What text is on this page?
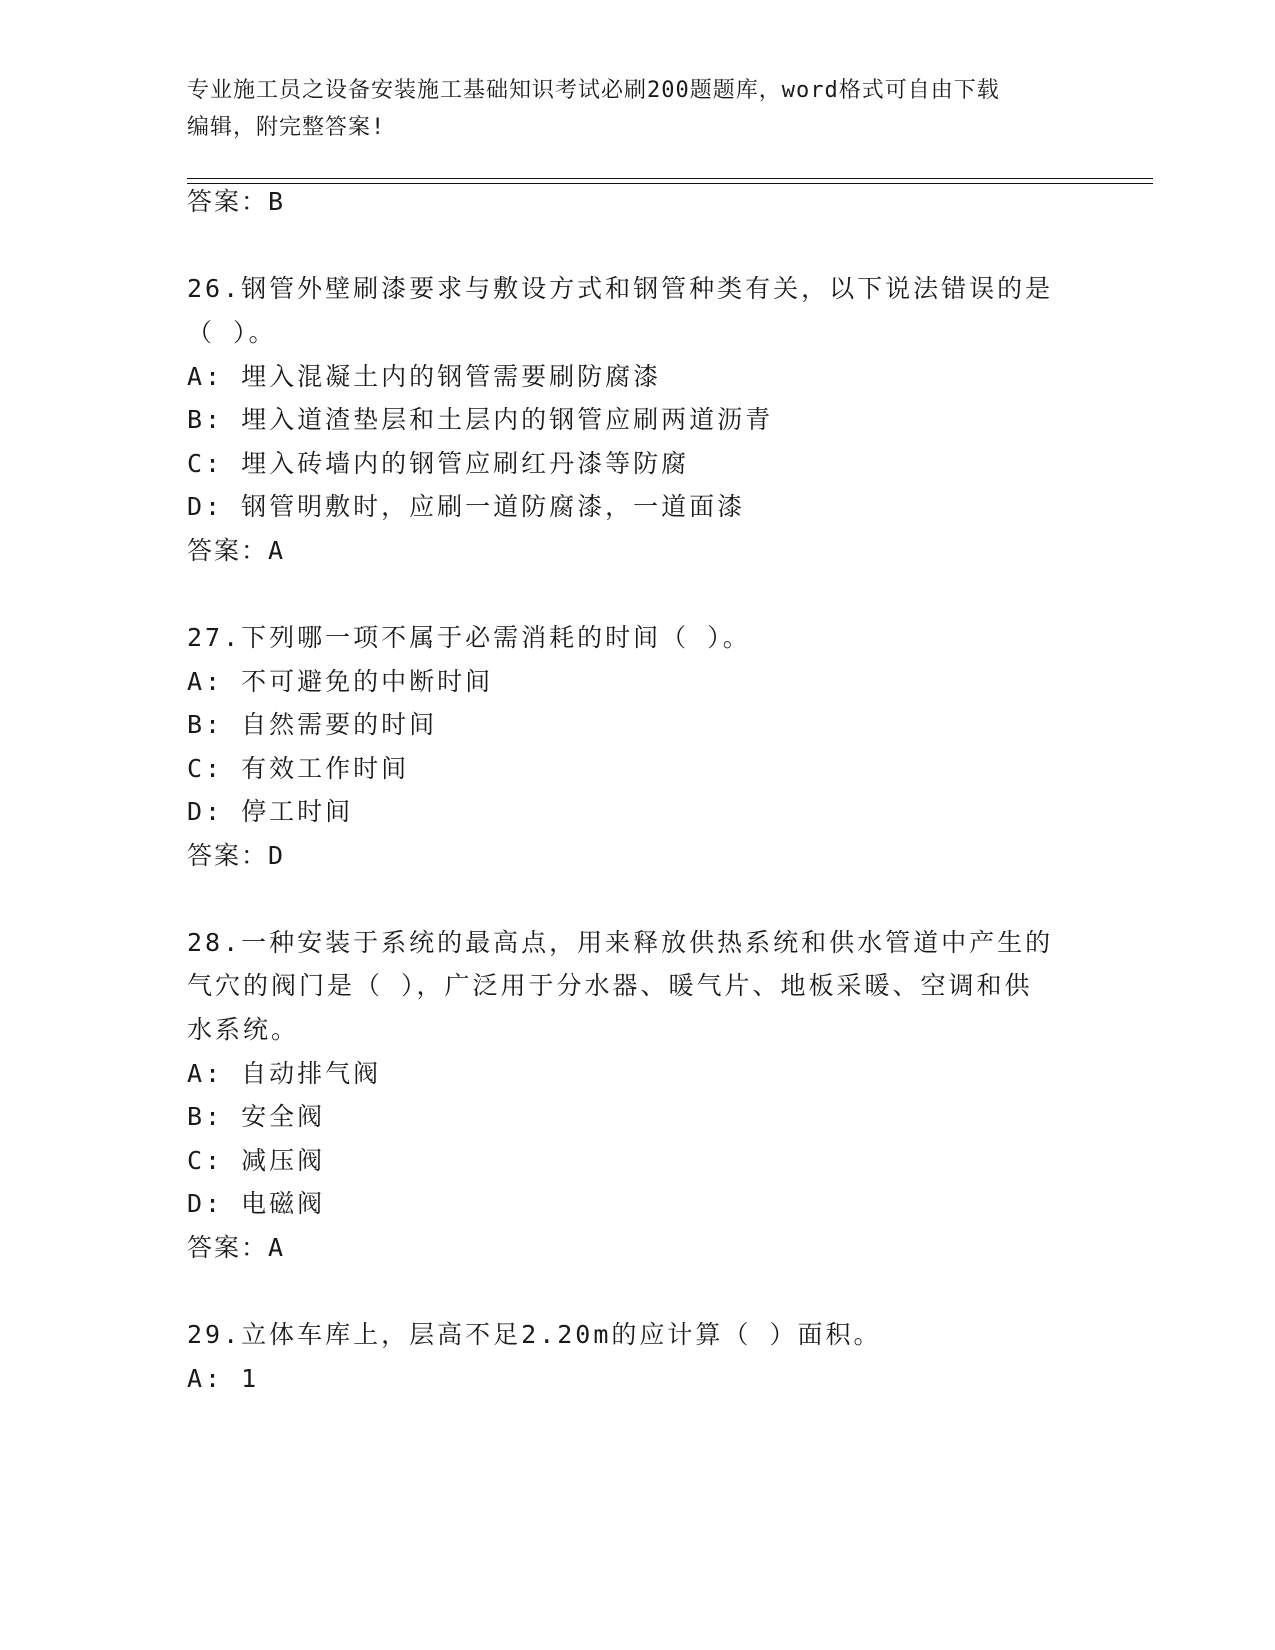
专业施工员之设备安装施工基础知识考试必刷200题题库，word格式可自由下载
编辑，附完整答案!
答案：B
26.钢管外壁刷漆要求与敷设方式和钢管种类有关，以下说法错误的是
（ ）。
A: 埋入混凝土内的钢管需要刷防腐漆
B: 埋入道渣垫层和土层内的钢管应刷两道沥青
C: 埋入砖墙内的钢管应刷红丹漆等防腐
D: 钢管明敷时，应刷一道防腐漆，一道面漆
答案：A
27.下列哪一项不属于必需消耗的时间（ ）。
A: 不可避免的中断时间
B: 自然需要的时间
C: 有效工作时间
D: 停工时间
答案：D
28.一种安装于系统的最高点，用来释放供热系统和供水管道中产生的
气穴的阀门是（ ），广泛用于分水器、暖气片、地板采暖、空调和供
水系统。
A: 自动排气阀
B: 安全阀
C: 减压阀
D: 电磁阀
答案：A
29.立体车库上，层高不足2.20m的应计算（ ）面积。
A: 1
